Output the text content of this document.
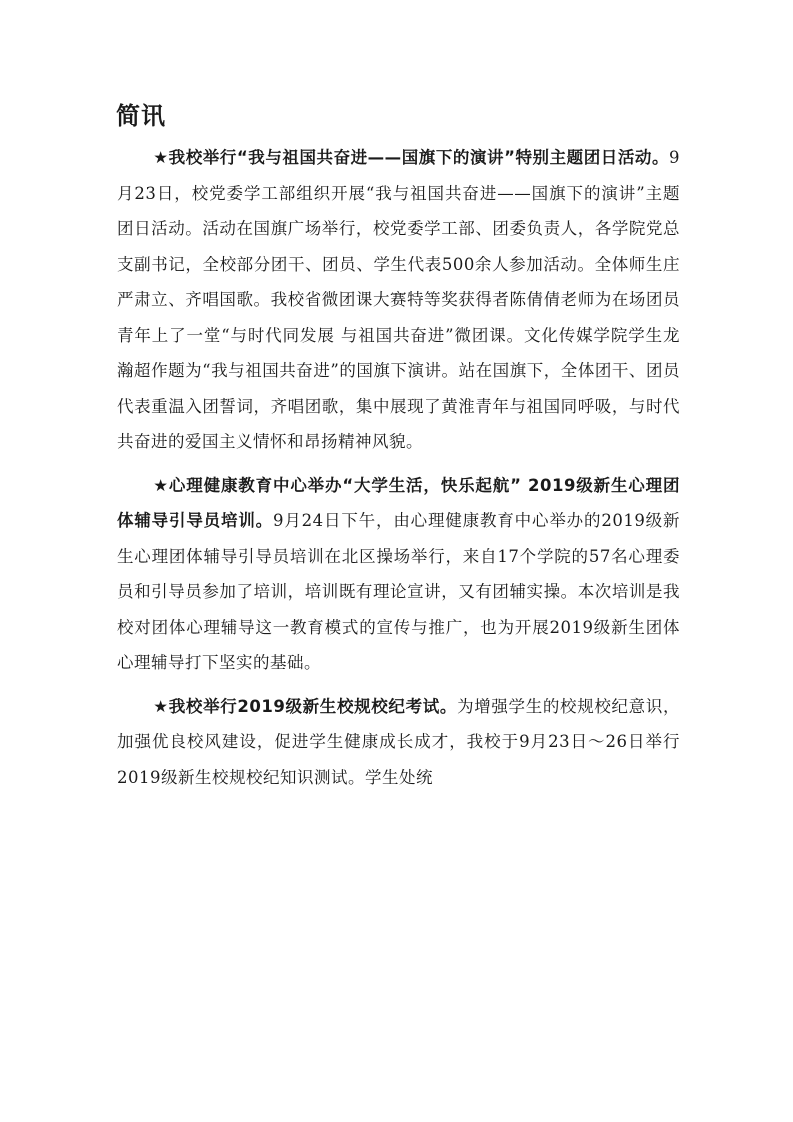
简讯

★我校举行“我与祖国共奋进——国旗下的演讲”特别主题团日活动。9月23日，校党委学工部组织开展“我与祖国共奋进——国旗下的演讲”主题团日活动。活动在国旗广场举行，校党委学工部、团委负责人，各学院党总支副书记，全校部分团干、团员、学生代表500余人参加活动。全体师生庄严肃立、齐唱国歌。我校省微团课大赛特等奖获得者陈倩倩老师为在场团员青年上了一堂“与时代同发展 与祖国共奋进”微团课。文化传媒学院学生龙瀚超作题为“我与祖国共奋进”的国旗下演讲。站在国旗下，全体团干、团员代表重温入团誓词，齐唱团歌，集中展现了黄淮青年与祖国同呼吸，与时代共奋进的爱国主义情怀和昂扬精神风貌。

★心理健康教育中心举办“大学生活，快乐起航” 2019级新生心理团体辅导引导员培训。9月24日下午，由心理健康教育中心举办的2019级新生心理团体辅导引导员培训在北区操场举行，来自17个学院的57名心理委员和引导员参加了培训，培训既有理论宣讲，又有团辅实操。本次培训是我校对团体心理辅导这一教育模式的宣传与推广，也为开展2019级新生团体心理辅导打下坚实的基础。

★我校举行2019级新生校规校纪考试。为增强学生的校规校纪意识，加强优良校风建设，促进学生健康成长成才，我校于9月23日～26日举行2019级新生校规校纪知识测试。学生处统
